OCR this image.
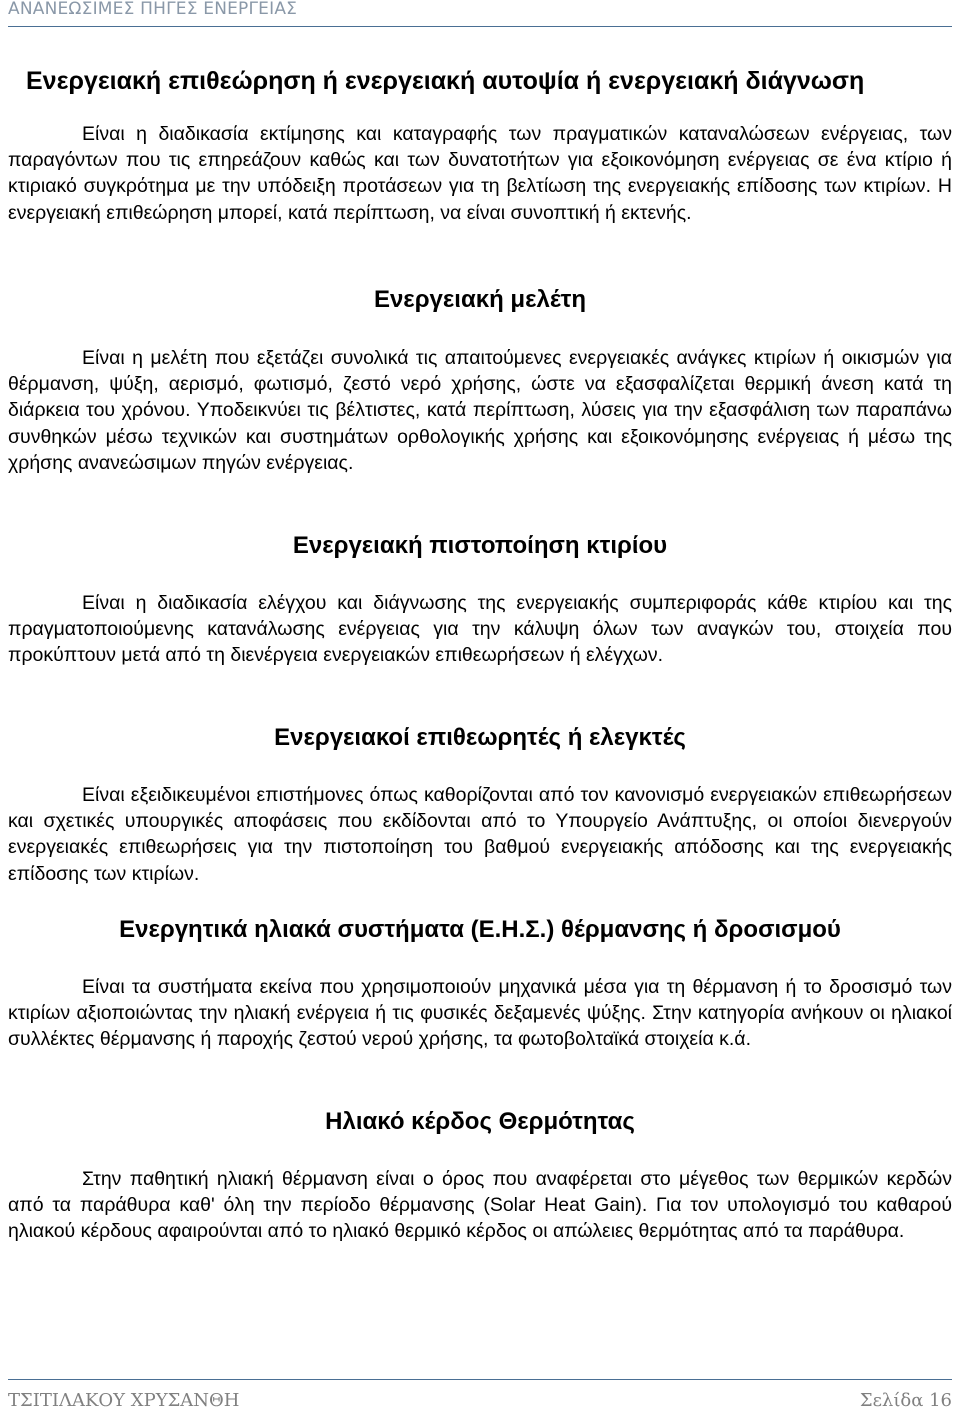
ΑΝΑΝΕΩΣΙΜΕΣ ΠΗΓΕΣ ΕΝΕΡΓΕΙΑΣ
Ενεργειακή επιθεώρηση ή ενεργειακή αυτοψία ή ενεργειακή διάγνωση
Είναι η διαδικασία εκτίμησης και καταγραφής των πραγματικών καταναλώσεων ενέργειας, των παραγόντων που τις επηρεάζουν καθώς και των δυνατοτήτων για εξοικονόμηση ενέργειας σε ένα κτίριο ή κτιριακό συγκρότημα με την υπόδειξη προτάσεων για τη βελτίωση της ενεργειακής επίδοσης των κτιρίων. Η ενεργειακή επιθεώρηση μπορεί, κατά περίπτωση, να είναι συνοπτική ή εκτενής.
Ενεργειακή μελέτη
Είναι η μελέτη που εξετάζει συνολικά τις απαιτούμενες ενεργειακές ανάγκες κτιρίων ή οικισμών για θέρμανση, ψύξη, αερισμό, φωτισμό, ζεστό νερό χρήσης, ώστε να εξασφαλίζεται θερμική άνεση κατά τη διάρκεια του χρόνου. Υποδεικνύει τις βέλτιστες, κατά περίπτωση, λύσεις για την εξασφάλιση των παραπάνω συνθηκών μέσω τεχνικών και συστημάτων ορθολογικής χρήσης και εξοικονόμησης ενέργειας ή μέσω της χρήσης ανανεώσιμων πηγών ενέργειας.
Ενεργειακή πιστοποίηση κτιρίου
Είναι η διαδικασία ελέγχου και διάγνωσης της ενεργειακής συμπεριφοράς κάθε κτιρίου και της πραγματοποιούμενης κατανάλωσης ενέργειας για την κάλυψη όλων των αναγκών του, στοιχεία που προκύπτουν μετά από τη διενέργεια ενεργειακών επιθεωρήσεων ή ελέγχων.
Ενεργειακοί επιθεωρητές ή ελεγκτές
Είναι εξειδικευμένοι επιστήμονες όπως καθορίζονται από τον κανονισμό ενεργειακών επιθεωρήσεων και σχετικές υπουργικές αποφάσεις που εκδίδονται από το Υπουργείο Ανάπτυξης, οι οποίοι διενεργούν ενεργειακές επιθεωρήσεις για την πιστοποίηση του βαθμού ενεργειακής απόδοσης και της ενεργειακής επίδοσης των κτιρίων.
Ενεργητικά ηλιακά συστήματα (Ε.Η.Σ.) θέρμανσης ή δροσισμού
Είναι τα συστήματα εκείνα που χρησιμοποιούν μηχανικά μέσα για τη θέρμανση ή το δροσισμό των κτιρίων αξιοποιώντας την ηλιακή ενέργεια ή τις φυσικές δεξαμενές ψύξης. Στην κατηγορία ανήκουν οι ηλιακοί συλλέκτες θέρμανσης ή παροχής ζεστού νερού χρήσης, τα φωτοβολταϊκά στοιχεία κ.ά.
Ηλιακό κέρδος Θερμότητας
Στην παθητική ηλιακή θέρμανση είναι ο όρος που αναφέρεται στο μέγεθος των θερμικών κερδών από τα παράθυρα καθ' όλη την περίοδο θέρμανσης (Solar Heat Gain). Για τον υπολογισμό του καθαρού ηλιακού κέρδους αφαιρούνται από το ηλιακό θερμικό κέρδος οι απώλειες θερμότητας από τα παράθυρα.
ΤΣΙΤΙΛΑΚΟΥ ΧΡΥΣΑΝΘΗ	Σελίδα 16
